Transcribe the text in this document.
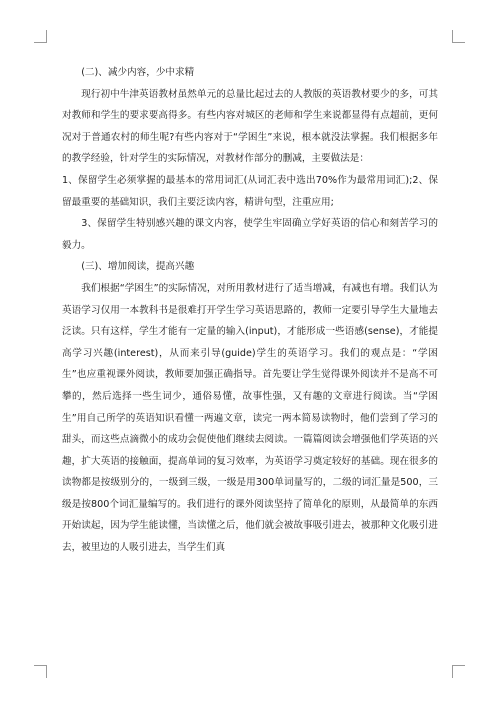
(二)、减少内容，少中求精

现行初中牛津英语教材虽然单元的总量比起过去的人教版的英语教材要少的多，可其对教师和学生的要求要高得多。有些内容对城区的老师和学生来说都显得有点超前，更何况对于普通农村的师生呢?有些内容对于“学困生”来说，根本就没法掌握。我们根据多年的教学经验，针对学生的实际情况，对教材作部分的删减，主要做法是：

1、保留学生必须掌握的最基本的常用词汇(从词汇表中选出70%作为最常用词汇);2、保留最重要的基础知识，我们主要泛读内容，精讲句型，注重应用;

3、保留学生特别感兴趣的课文内容，使学生牢固确立学好英语的信心和刻苦学习的毅力。

(三)、增加阅读，提高兴趣

我们根据“学困生”的实际情况，对所用教材进行了适当增减，有减也有增。我们认为英语学习仅用一本教科书是很难打开学生学习英语思路的，教师一定要引导学生大量地去泛读。只有这样，学生才能有一定量的输入(input)，才能形成一些语感(sense)，才能提高学习兴趣(interest)，从而来引导(guide)学生的英语学习。我们的观点是：“学困生”也应重视课外阅读，教师要加强正确指导。首先要让学生觉得课外阅读并不是高不可攀的，然后选择一些生词少，通俗易懂，故事性强，又有趣的文章进行阅读。当“学困生”用自己所学的英语知识看懂一两遍文章，读完一两本简易读物时，他们尝到了学习的甜头，而这些点滴微小的成功会促使他们继续去阅读。一篇篇阅读会增强他们学英语的兴趣，扩大英语的接触面，提高单词的复习效率，为英语学习奠定较好的基础。现在很多的读物都是按级别分的，一级到三级，一级是用300单词量写的，二级的词汇量是500，三级是按800个词汇量编写的。我们进行的课外阅读坚持了简单化的原则，从最简单的东西开始读起，因为学生能读懂，当读懂之后，他们就会被故事吸引进去，被那种文化吸引进去，被里边的人吸引进去，当学生们真
